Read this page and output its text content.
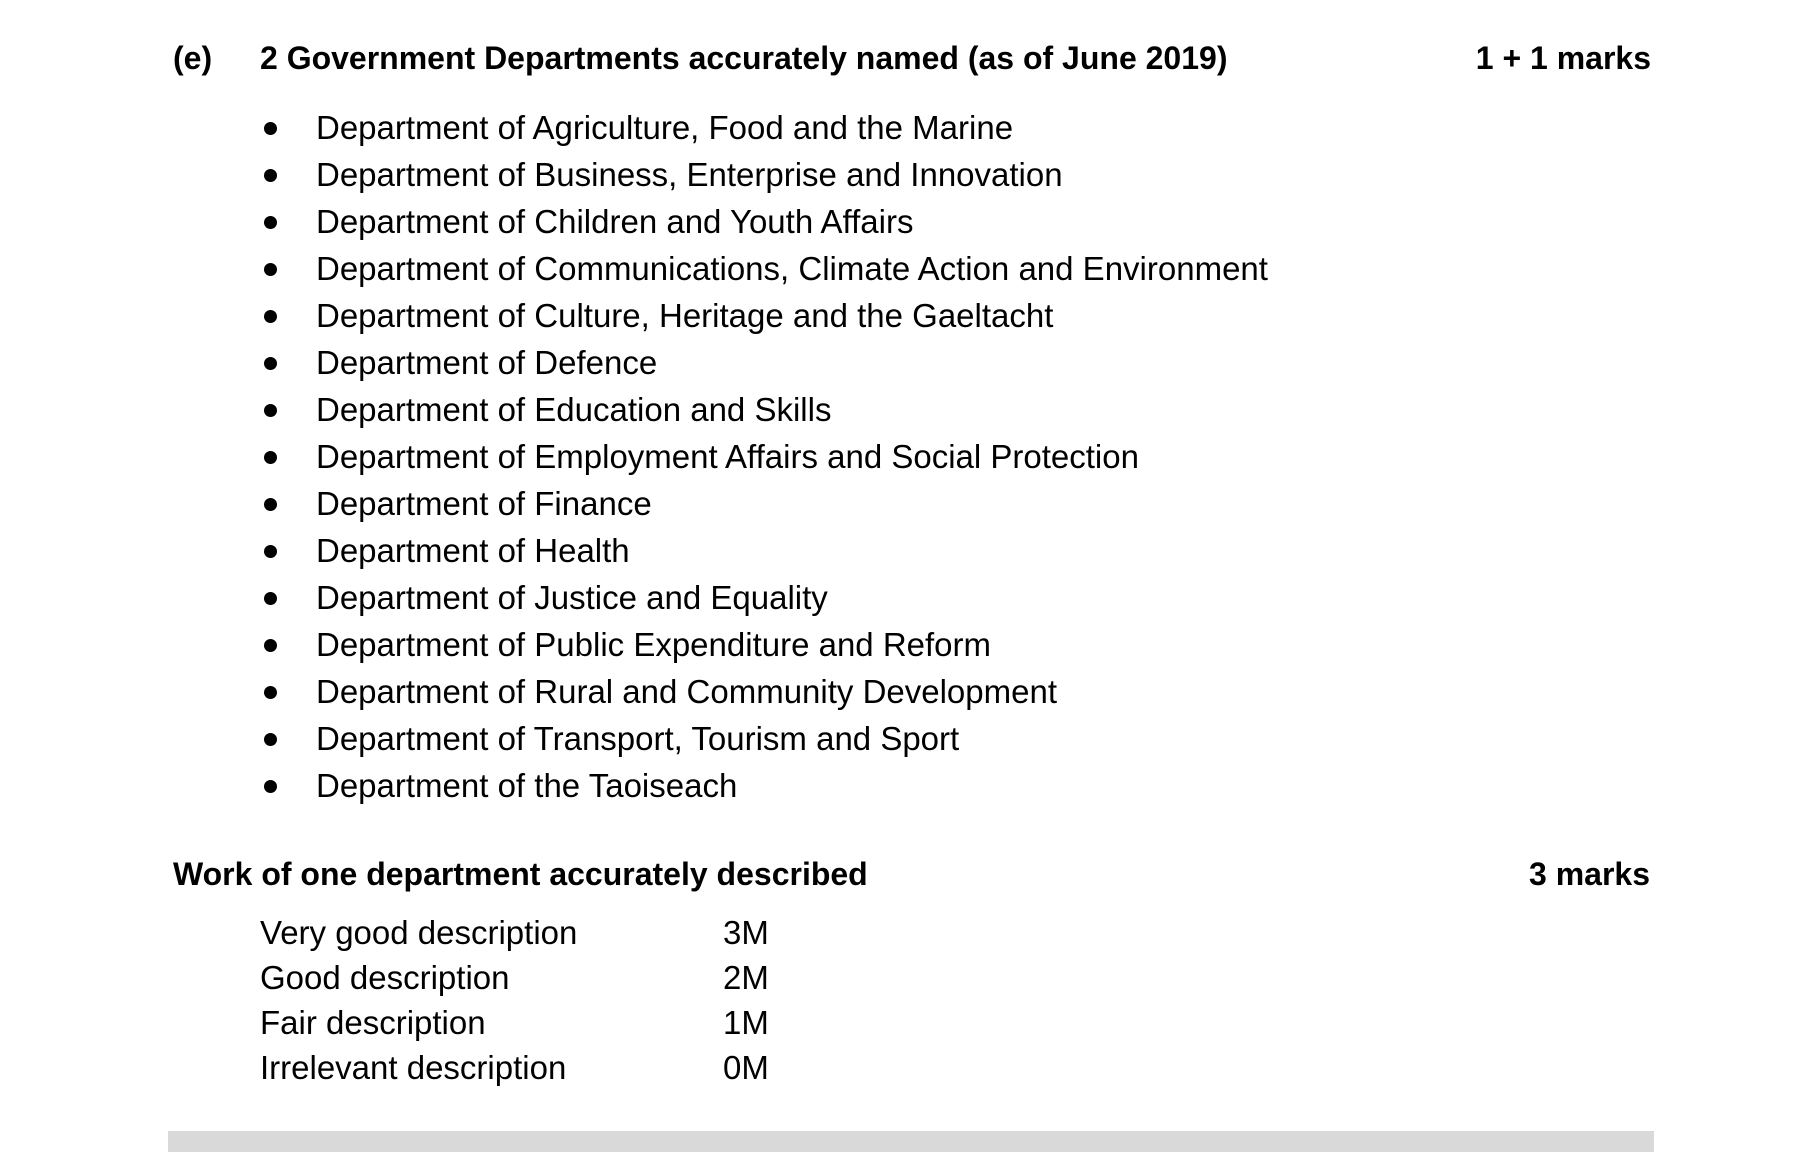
(e) 2 Government Departments accurately named (as of June 2019)	1 + 1 marks
Department of Agriculture, Food and the Marine
Department of Business, Enterprise and Innovation
Department of Children and Youth Affairs
Department of Communications, Climate Action and Environment
Department of Culture, Heritage and the Gaeltacht
Department of Defence
Department of Education and Skills
Department of Employment Affairs and Social Protection
Department of Finance
Department of Health
Department of Justice and Equality
Department of Public Expenditure and Reform
Department of Rural and Community Development
Department of Transport, Tourism and Sport
Department of the Taoiseach
Work of one department accurately described	3 marks
Very good description	3M
Good description	2M
Fair description	1M
Irrelevant description	0M
